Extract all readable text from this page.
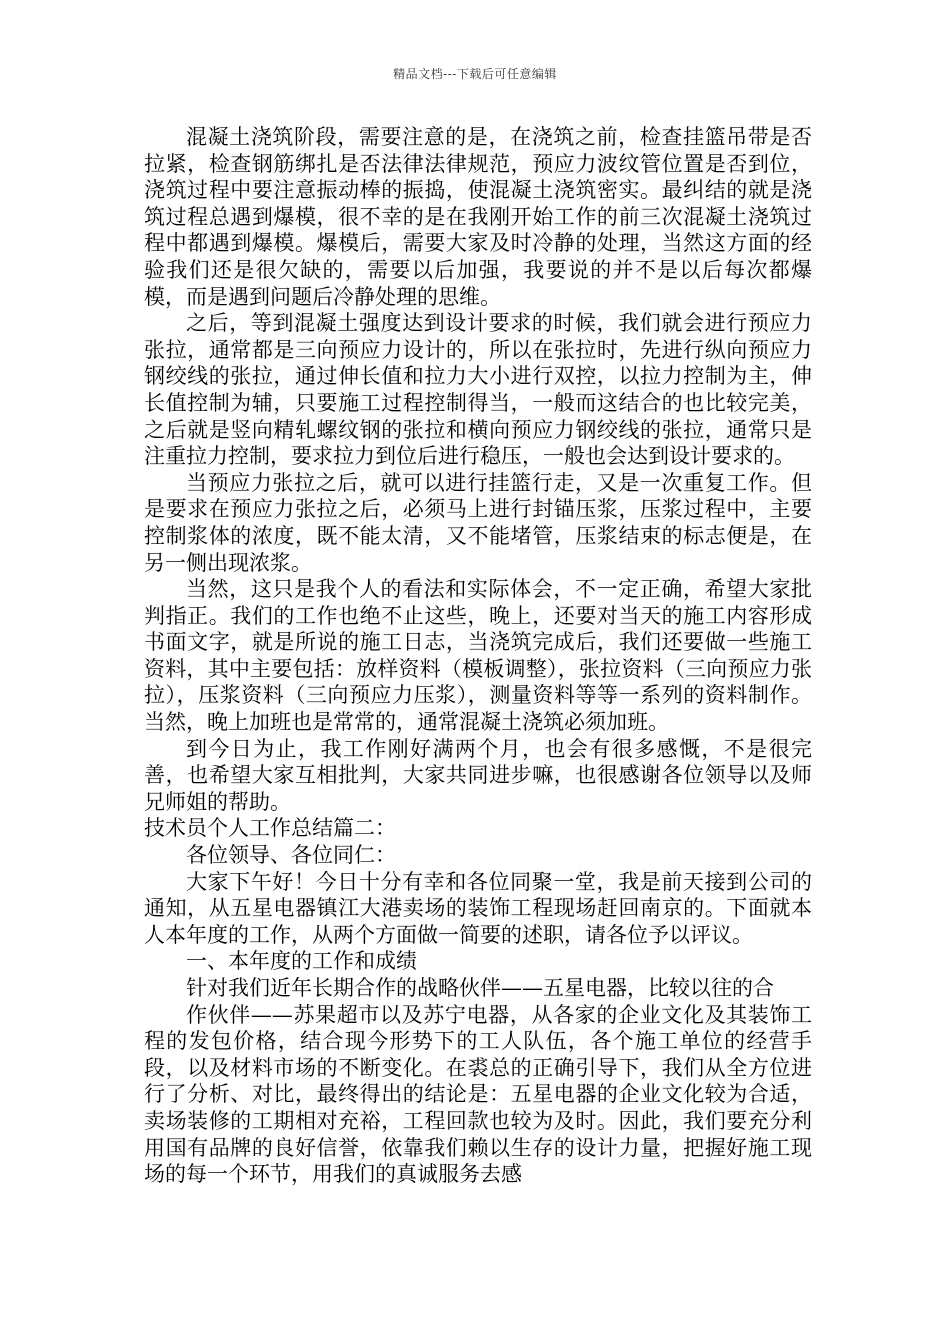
精品文档---下载后可任意编辑

混凝土浇筑阶段，需要注意的是，在浇筑之前，检查挂篮吊带是否拉紧，检查钢筋绑扎是否法律法律规范，预应力波纹管位置是否到位，浇筑过程中要注意振动棒的振捣，使混凝土浇筑密实。最纠结的就是浇筑过程总遇到爆模，很不幸的是在我刚开始工作的前三次混凝土浇筑过程中都遇到爆模。爆模后，需要大家及时冷静的处理，当然这方面的经验我们还是很欠缺的，需要以后加强，我要说的并不是以后每次都爆模，而是遇到问题后冷静处理的思维。

之后，等到混凝土强度达到设计要求的时候，我们就会进行预应力张拉，通常都是三向预应力设计的，所以在张拉时，先进行纵向预应力钢绞线的张拉，通过伸长值和拉力大小进行双控，以拉力控制为主，伸长值控制为辅，只要施工过程控制得当，一般而这结合的也比较完美，之后就是竖向精轧螺纹钢的张拉和横向预应力钢绞线的张拉，通常只是注重拉力控制，要求拉力到位后进行稳压，一般也会达到设计要求的。

当预应力张拉之后，就可以进行挂篮行走，又是一次重复工作。但是要求在预应力张拉之后，必须马上进行封锚压浆，压浆过程中，主要控制浆体的浓度，既不能太清，又不能堵管，压浆结束的标志便是，在另一侧出现浓浆。

当然，这只是我个人的看法和实际体会，不一定正确，希望大家批判指正。我们的工作也绝不止这些，晚上，还要对当天的施工内容形成书面文字，就是所说的施工日志，当浇筑完成后，我们还要做一些施工资料，其中主要包括：放样资料（模板调整），张拉资料（三向预应力张拉），压浆资料（三向预应力压浆），测量资料等等一系列的资料制作。当然，晚上加班也是常常的，通常混凝土浇筑必须加班。

到今日为止，我工作刚好满两个月，也会有很多感慨，不是很完善，也希望大家互相批判，大家共同进步嘛，也很感谢各位领导以及师兄师姐的帮助。

技术员个人工作总结篇二：

各位领导、各位同仁：

大家下午好！今日十分有幸和各位同聚一堂，我是前天接到公司的通知，从五星电器镇江大港卖场的装饰工程现场赶回南京的。下面就本人本年度的工作，从两个方面做一简要的述职，请各位予以评议。

一、本年度的工作和成绩

针对我们近年长期合作的战略伙伴——五星电器，比较以往的合

作伙伴——苏果超市以及苏宁电器，从各家的企业文化及其装饰工程的发包价格，结合现今形势下的工人队伍，各个施工单位的经营手段，以及材料市场的不断变化。在裘总的正确引导下，我们从全方位进行了分析、对比，最终得出的结论是：五星电器的企业文化较为合适，卖场装修的工期相对充裕，工程回款也较为及时。因此，我们要充分利用国有品牌的良好信誉，依靠我们赖以生存的设计力量，把握好施工现场的每一个环节，用我们的真诚服务去感
